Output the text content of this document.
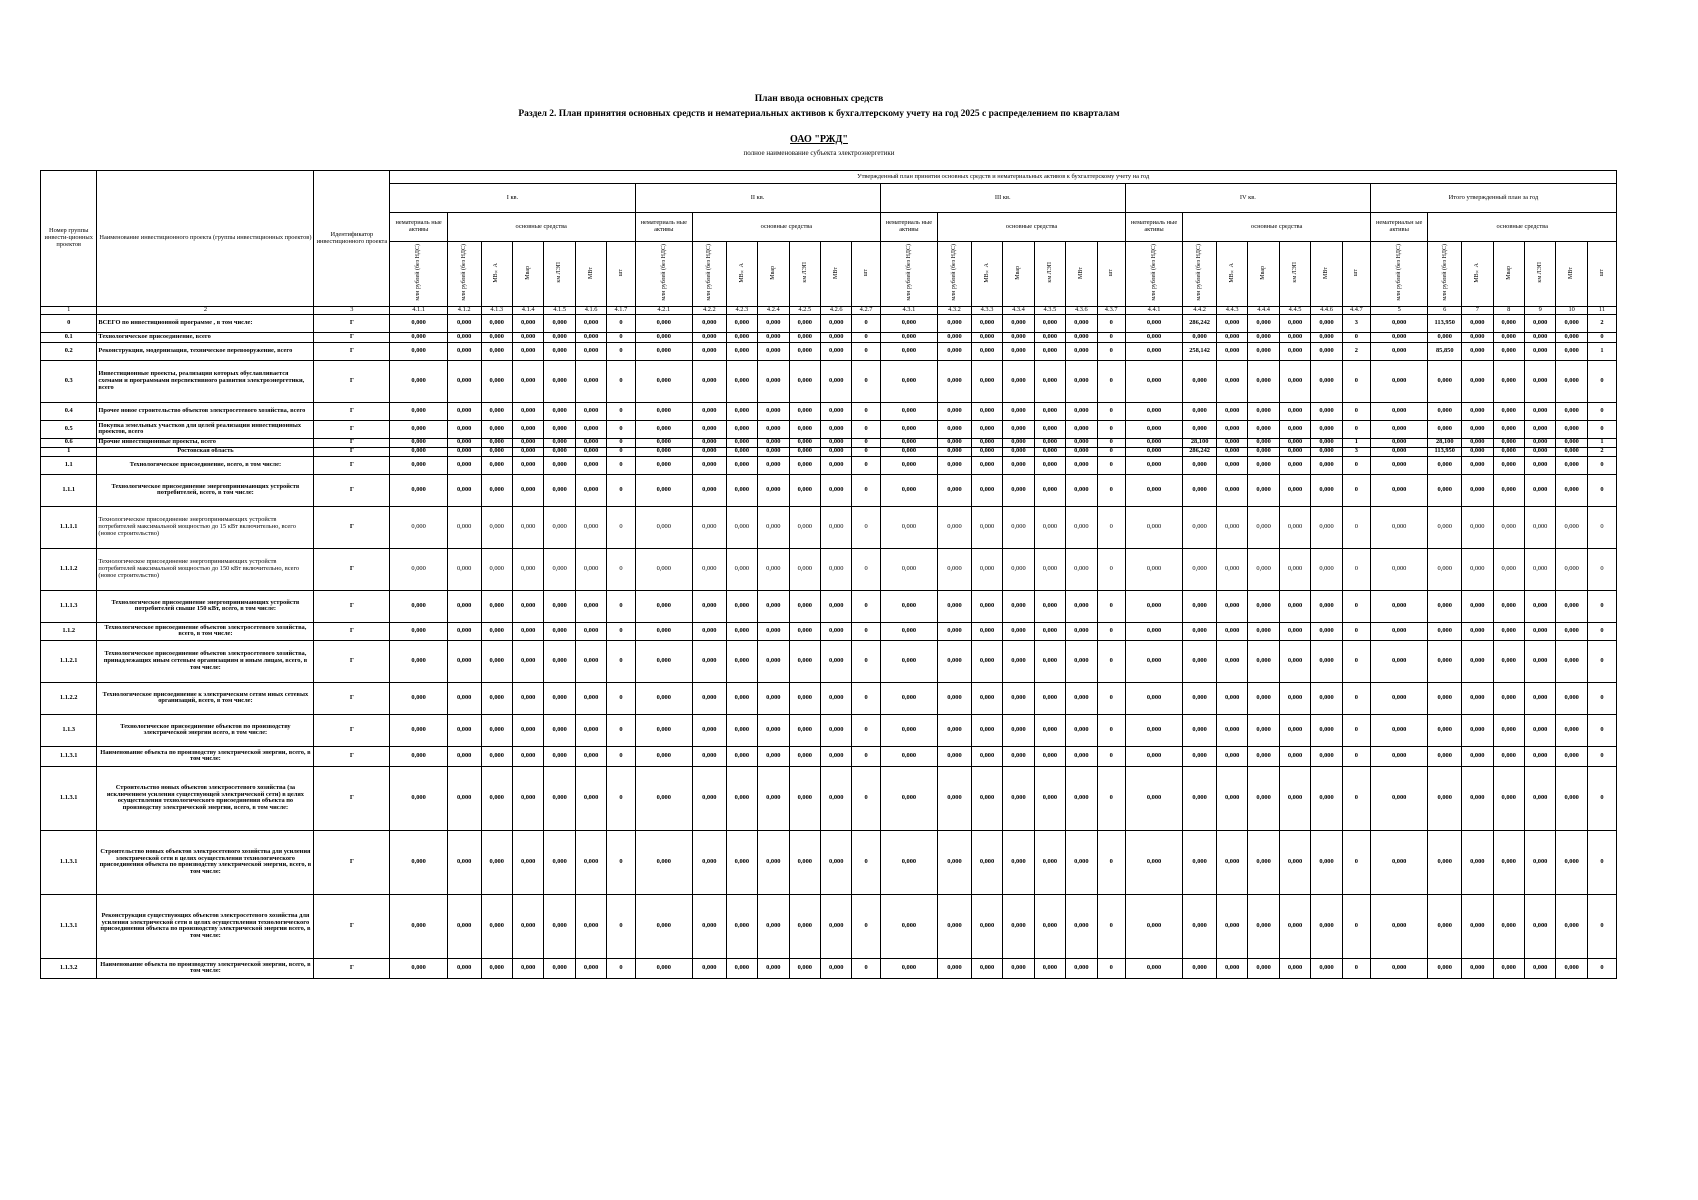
План ввода основных средств
Раздел 2. План принятия основных средств и нематериальных активов к бухгалтерскому учету на год 2025 с распределением по кварталам
ОАО "РЖД"
полное наименование субъекта электроэнергетики
Номер группы инвести-ционных проектов	Наименование инвестиционного проекта (группы инвестиционных проектов)	Идентификатор инвестиционного проекта	Утвержденный план принятия основных средств и нематериальных активов к бухгалтерскому учету на год																																		
			I кв.							II кв.							III кв.							IV кв.							Итого утвержденный план за год						
			нематериаль ные активы	основные средства						нематериаль ные активы	основные средства						нематериаль ные активы	основные средства						нематериаль ные активы	основные средства						нематериальн ые активы	основные средства					
			млн рублей (без НДС)	млн рублей (без НДС)	МВ×А	Мвар	км ЛЭП	МВт	шт	млн рублей (без НДС)	млн рублей (без НДС)	МВ×А	Мвар	км ЛЭП	МВт	шт	млн рублей (без НДС)	млн рублей (без НДС)	МВ×А	Мвар	км ЛЭП	МВт	шт	млн рублей (без НДС)	млн рублей (без НДС)	МВ×А	Мвар	км ЛЭП	МВт	шт	млн рублей (без НДС)	млн рублей (без НДС)	МВ×А	Мвар	км ЛЭП	МВт	шт

1	2	3	4.1.1	4.1.2	4.1.3	4.1.4	4.1.5	4.1.6	4.1.7	4.2.1	4.2.2	4.2.3	4.2.4	4.2.5	4.2.6	4.2.7	4.3.1	4.3.2	4.3.3	4.3.4	4.3.5	4.3.6	4.3.7	4.4.1	4.4.2	4.4.3	4.4.4	4.4.5	4.4.6	4.4.7	5	6	7	8	9	10	11
0	ВСЕГО по инвестиционной программе , в том числе:	Г	0,000	0,000	0,000	0,000	0,000	0,000	0	0,000	0,000	0,000	0,000	0,000	0,000	0	0,000	0,000	0,000	0,000	0,000	0,000	0	0,000	286,242	0,000	0,000	0,000	0,000	3	0,000	113,950	0,000	0,000	0,000	0,000	2
0.1	Технологическое присоединение, всего	Г	0,000	0,000	0,000	0,000	0,000	0,000	0	0,000	0,000	0,000	0,000	0,000	0,000	0	0,000	0,000	0,000	0,000	0,000	0,000	0	0,000	0,000	0,000	0,000	0,000	0,000	0	0,000	0,000	0,000	0,000	0,000	0,000	0
0.2	Реконструкция, модернизация, техническое перевооружение, всего	Г	0,000	0,000	0,000	0,000	0,000	0,000	0	0,000	0,000	0,000	0,000	0,000	0,000	0	0,000	0,000	0,000	0,000	0,000	0,000	0	0,000	258,142	0,000	0,000	0,000	0,000	2	0,000	85,850	0,000	0,000	0,000	0,000	1
0.3	Инвестиционные проекты, реализация которых обуславливается схемами и программами перспективного развития электроэнергетики, всего	Г	0,000	0,000	0,000	0,000	0,000	0,000	0	0,000	0,000	0,000	0,000	0,000	0,000	0	0,000	0,000	0,000	0,000	0,000	0,000	0	0,000	0,000	0,000	0,000	0,000	0,000	0	0,000	0,000	0,000	0,000	0,000	0,000	0
0.4	Прочее новое строительство объектов электросетевого хозяйства, всего	Г	0,000	0,000	0,000	0,000	0,000	0,000	0	0,000	0,000	0,000	0,000	0,000	0,000	0	0,000	0,000	0,000	0,000	0,000	0,000	0	0,000	0,000	0,000	0,000	0,000	0,000	0	0,000	0,000	0,000	0,000	0,000	0,000	0
0.5	Покупка земельных участков для целей реализации инвестиционных проектов, всего	Г	0,000	0,000	0,000	0,000	0,000	0,000	0	0,000	0,000	0,000	0,000	0,000	0,000	0	0,000	0,000	0,000	0,000	0,000	0,000	0	0,000	0,000	0,000	0,000	0,000	0,000	0	0,000	0,000	0,000	0,000	0,000	0,000	0
0.6	Прочие инвестиционные проекты, всего	Г	0,000	0,000	0,000	0,000	0,000	0,000	0	0,000	0,000	0,000	0,000	0,000	0,000	0	0,000	0,000	0,000	0,000	0,000	0,000	0	0,000	28,100	0,000	0,000	0,000	0,000	1	0,000	28,100	0,000	0,000	0,000	0,000	1
1	Ростовская область	Г	0,000	0,000	0,000	0,000	0,000	0,000	0	0,000	0,000	0,000	0,000	0,000	0,000	0	0,000	0,000	0,000	0,000	0,000	0,000	0	0,000	286,242	0,000	0,000	0,000	0,000	3	0,000	113,950	0,000	0,000	0,000	0,000	2
1.1	Технологическое присоединение, всего, в том числе:	Г	0,000	0,000	0,000	0,000	0,000	0,000	0	0,000	0,000	0,000	0,000	0,000	0,000	0	0,000	0,000	0,000	0,000	0,000	0,000	0	0,000	0,000	0,000	0,000	0,000	0,000	0	0,000	0,000	0,000	0,000	0,000	0,000	0
1.1.1	Технологическое присоединение энергопринимающих устройств потребителей, всего, в том числе:	Г	0,000	0,000	0,000	0,000	0,000	0,000	0	0,000	0,000	0,000	0,000	0,000	0,000	0	0,000	0,000	0,000	0,000	0,000	0,000	0	0,000	0,000	0,000	0,000	0,000	0,000	0	0,000	0,000	0,000	0,000	0,000	0,000	0
1.1.1.1	Технологическое присоединение энергопринимающих устройств потребителей максимальной мощностью до 15 кВт включительно, всего (новое строительство)	Г	0,000	0,000	0,000	0,000	0,000	0,000	0	0,000	0,000	0,000	0,000	0,000	0,000	0	0,000	0,000	0,000	0,000	0,000	0,000	0	0,000	0,000	0,000	0,000	0,000	0,000	0	0,000	0,000	0,000	0,000	0,000	0,000	0
1.1.1.2	Технологическое присоединение энергопринимающих устройств потребителей максимальной мощностью до 150 кВт включительно, всего (новое строительство)	Г	0,000	0,000	0,000	0,000	0,000	0,000	0	0,000	0,000	0,000	0,000	0,000	0,000	0	0,000	0,000	0,000	0,000	0,000	0,000	0	0,000	0,000	0,000	0,000	0,000	0,000	0	0,000	0,000	0,000	0,000	0,000	0,000	0
1.1.1.3	Технологическое присоединение энергопринимающих устройств потребителей свыше 150 кВт, всего, в том числе:	Г	0,000	0,000	0,000	0,000	0,000	0,000	0	0,000	0,000	0,000	0,000	0,000	0,000	0	0,000	0,000	0,000	0,000	0,000	0,000	0	0,000	0,000	0,000	0,000	0,000	0,000	0	0,000	0,000	0,000	0,000	0,000	0,000	0
1.1.2	Технологическое присоединение объектов электросетевого хозяйства, всего, в том числе:	Г	0,000	0,000	0,000	0,000	0,000	0,000	0	0,000	0,000	0,000	0,000	0,000	0,000	0	0,000	0,000	0,000	0,000	0,000	0,000	0	0,000	0,000	0,000	0,000	0,000	0,000	0	0,000	0,000	0,000	0,000	0,000	0,000	0
1.1.2.1	Технологическое присоединение объектов электросетевого хозяйства, принадлежащих иным сетевым организациям и иным лицам, всего, в том числе:	Г	0,000	0,000	0,000	0,000	0,000	0,000	0	0,000	0,000	0,000	0,000	0,000	0,000	0	0,000	0,000	0,000	0,000	0,000	0,000	0	0,000	0,000	0,000	0,000	0,000	0,000	0	0,000	0,000	0,000	0,000	0,000	0,000	0
1.1.2.2	Технологическое присоединение к электрическим сетям иных сетевых организаций, всего, в том числе:	Г	0,000	0,000	0,000	0,000	0,000	0,000	0	0,000	0,000	0,000	0,000	0,000	0,000	0	0,000	0,000	0,000	0,000	0,000	0,000	0	0,000	0,000	0,000	0,000	0,000	0,000	0	0,000	0,000	0,000	0,000	0,000	0,000	0
1.1.3	Технологическое присоединение объектов по производству электрической энергии всего, в том числе:	Г	0,000	0,000	0,000	0,000	0,000	0,000	0	0,000	0,000	0,000	0,000	0,000	0,000	0	0,000	0,000	0,000	0,000	0,000	0,000	0	0,000	0,000	0,000	0,000	0,000	0,000	0	0,000	0,000	0,000	0,000	0,000	0,000	0
1.1.3.1	Наименование объекта по производству электрической энергии, всего, в том числе:	Г	0,000	0,000	0,000	0,000	0,000	0,000	0	0,000	0,000	0,000	0,000	0,000	0,000	0	0,000	0,000	0,000	0,000	0,000	0,000	0	0,000	0,000	0,000	0,000	0,000	0,000	0	0,000	0,000	0,000	0,000	0,000	0,000	0
1.1.3.1	Строительство новых объектов электросетевого хозяйства (за исключением усиления существующей электрической сети) в целях осуществления технологического присоединения объекта по производству электрической энергии, всего, в том числе:	Г	0,000	0,000	0,000	0,000	0,000	0,000	0	0,000	0,000	0,000	0,000	0,000	0,000	0	0,000	0,000	0,000	0,000	0,000	0,000	0	0,000	0,000	0,000	0,000	0,000	0,000	0	0,000	0,000	0,000	0,000	0,000	0,000	0
1.1.3.1	Строительство новых объектов электросетевого хозяйства для усиления электрической сети в целях осуществления технологического присоединения объекта по производству электрической энергии, всего, в том числе:	Г	0,000	0,000	0,000	0,000	0,000	0,000	0	0,000	0,000	0,000	0,000	0,000	0,000	0	0,000	0,000	0,000	0,000	0,000	0,000	0	0,000	0,000	0,000	0,000	0,000	0,000	0	0,000	0,000	0,000	0,000	0,000	0,000	0
1.1.3.1	Реконструкция существующих объектов электросетевого хозяйства для усиления электрической сети в целях осуществления технологического присоединения объекта по производству электрической энергии всего, в том числе:	Г	0,000	0,000	0,000	0,000	0,000	0,000	0	0,000	0,000	0,000	0,000	0,000	0,000	0	0,000	0,000	0,000	0,000	0,000	0,000	0	0,000	0,000	0,000	0,000	0,000	0,000	0	0,000	0,000	0,000	0,000	0,000	0,000	0
1.1.3.2	Наименование объекта по производству электрической энергии, всего, в том числе:	Г	0,000	0,000	0,000	0,000	0,000	0,000	0	0,000	0,000	0,000	0,000	0,000	0,000	0	0,000	0,000	0,000	0,000	0,000	0,000	0	0,000	0,000	0,000	0,000	0,000	0,000	0	0,000	0,000	0,000	0,000	0,000	0,000	0
